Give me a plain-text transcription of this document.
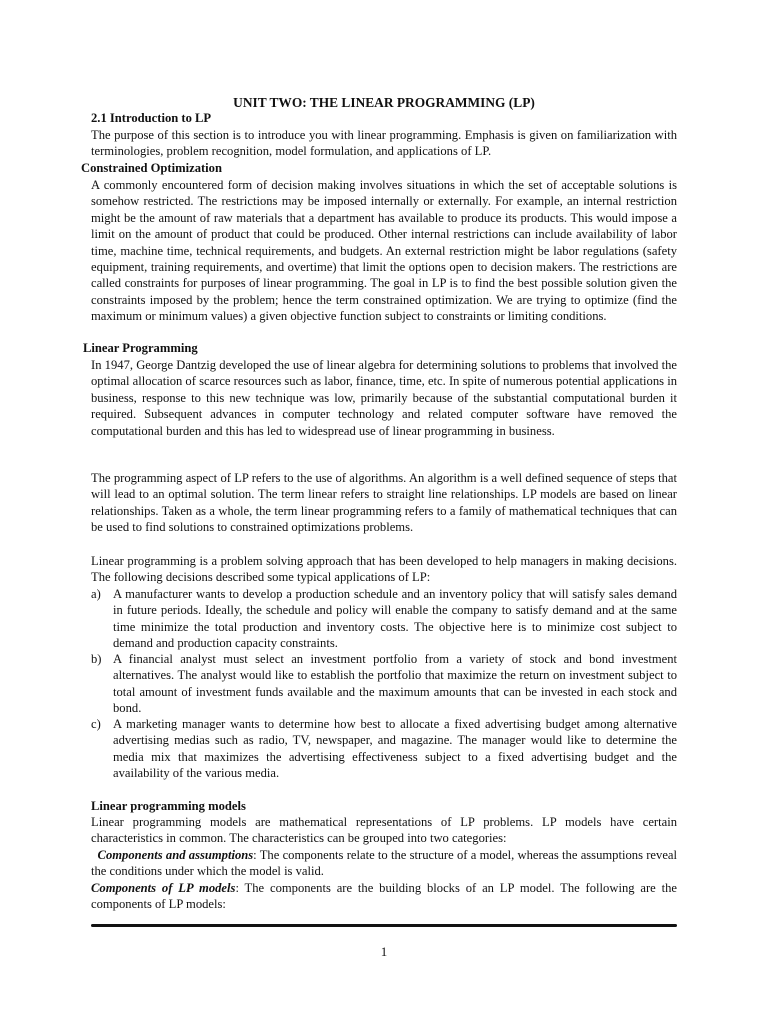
UNIT TWO: THE LINEAR PROGRAMMING (LP)
2.1 Introduction to LP

The purpose of this section is to introduce you with linear programming. Emphasis is given on familiarization with terminologies, problem recognition, model formulation, and applications of LP.

Constrained Optimization

A commonly encountered form of decision making involves situations in which the set of acceptable solutions is somehow restricted. The restrictions may be imposed internally or externally. For example, an internal restriction might be the amount of raw materials that a department has available to produce its products. This would impose a limit on the amount of product that could be produced. Other internal restrictions can include availability of labor time, machine time, technical requirements, and budgets. An external restriction might be labor regulations (safety equipment, training requirements, and overtime) that limit the options open to decision makers. The restrictions are called constraints for purposes of linear programming. The goal in LP is to find the best possible solution given the constraints imposed by the problem; hence the term constrained optimization. We are trying to optimize (find the maximum or minimum values) a given objective function subject to constraints or limiting conditions.

Linear Programming

In 1947, George Dantzig developed the use of linear algebra for determining solutions to problems that involved the optimal allocation of scarce resources such as labor, finance, time, etc. In spite of numerous potential applications in business, response to this new technique was low, primarily because of the substantial computational burden it required. Subsequent advances in computer technology and related computer software have removed the computational burden and this has led to widespread use of linear programming in business.

The programming aspect of LP refers to the use of algorithms. An algorithm is a well defined sequence of steps that will lead to an optimal solution. The term linear refers to straight line relationships. LP models are based on linear relationships. Taken as a whole, the term linear programming refers to a family of mathematical techniques that can be used to find solutions to constrained optimizations problems.

Linear programming is a problem solving approach that has been developed to help managers in making decisions. The following decisions described some typical applications of LP:

a) A manufacturer wants to develop a production schedule and an inventory policy that will satisfy sales demand in future periods. Ideally, the schedule and policy will enable the company to satisfy demand and at the same time minimize the total production and inventory costs. The objective here is to minimize cost subject to demand and production capacity constraints.
b) A financial analyst must select an investment portfolio from a variety of stock and bond investment alternatives. The analyst would like to establish the portfolio that maximize the return on investment subject to total amount of investment funds available and the maximum amounts that can be invested in each stock and bond.
c) A marketing manager wants to determine how best to allocate a fixed advertising budget among alternative advertising medias such as radio, TV, newspaper, and magazine. The manager would like to determine the media mix that maximizes the advertising effectiveness subject to a fixed advertising budget and the availability of the various media.
Linear programming models

Linear programming models are mathematical representations of LP problems. LP models have certain characteristics in common. The characteristics can be grouped into two categories:

Components and assumptions: The components relate to the structure of a model, whereas the assumptions reveal the conditions under which the model is valid.

Components of LP models: The components are the building blocks of an LP model. The following are the components of LP models:

1
